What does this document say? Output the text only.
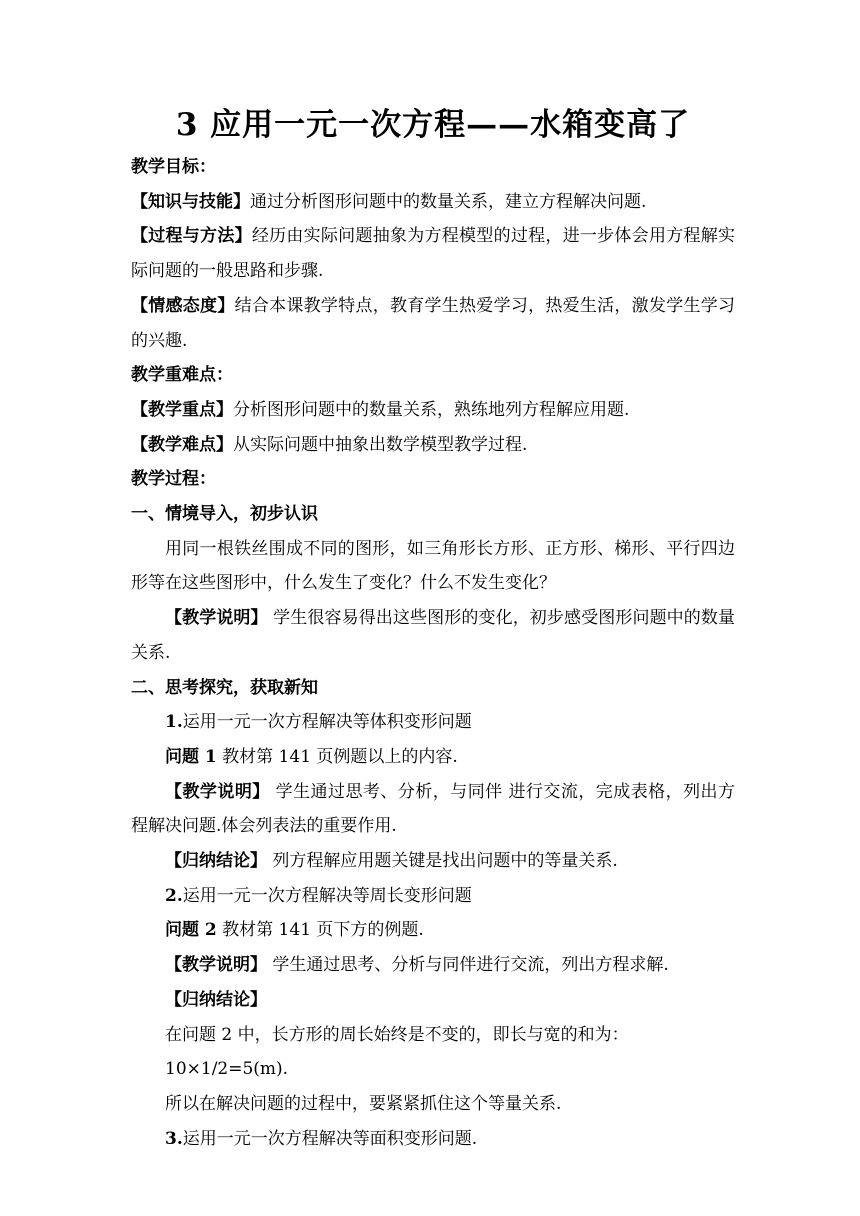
3 应用一元一次方程——水箱变高了

教学目标：

【知识与技能】通过分析图形问题中的数量关系，建立方程解决问题.

【过程与方法】经历由实际问题抽象为方程模型的过程，进一步体会用方程解实际问题的一般思路和步骤.

【情感态度】结合本课教学特点，教育学生热爱学习，热爱生活，激发学生学习的兴趣.

教学重难点：

【教学重点】分析图形问题中的数量关系，熟练地列方程解应用题.

【教学难点】从实际问题中抽象出数学模型教学过程.

教学过程：

一、情境导入，初步认识

用同一根铁丝围成不同的图形，如三角形长方形、正方形、梯形、平行四边形等在这些图形中，什么发生了变化？什么不发生变化？

【教学说明】 学生很容易得出这些图形的变化，初步感受图形问题中的数量关系.

二、思考探究，获取新知

1.运用一元一次方程解决等体积变形问题

问题 1 教材第 141 页例题以上的内容.

【教学说明】 学生通过思考、分析，与同伴 进行交流，完成表格，列出方程解决问题.体会列表法的重要作用.

【归纳结论】 列方程解应用题关键是找出问题中的等量关系.

2.运用一元一次方程解决等周长变形问题

问题 2 教材第 141 页下方的例题.

【教学说明】 学生通过思考、分析与同伴进行交流，列出方程求解.

【归纳结论】

在问题 2 中，长方形的周长始终是不变的，即长与宽的和为：

10×1/2=5(m).

所以在解决问题的过程中，要紧紧抓住这个等量关系.

3.运用一元一次方程解决等面积变形问题.
